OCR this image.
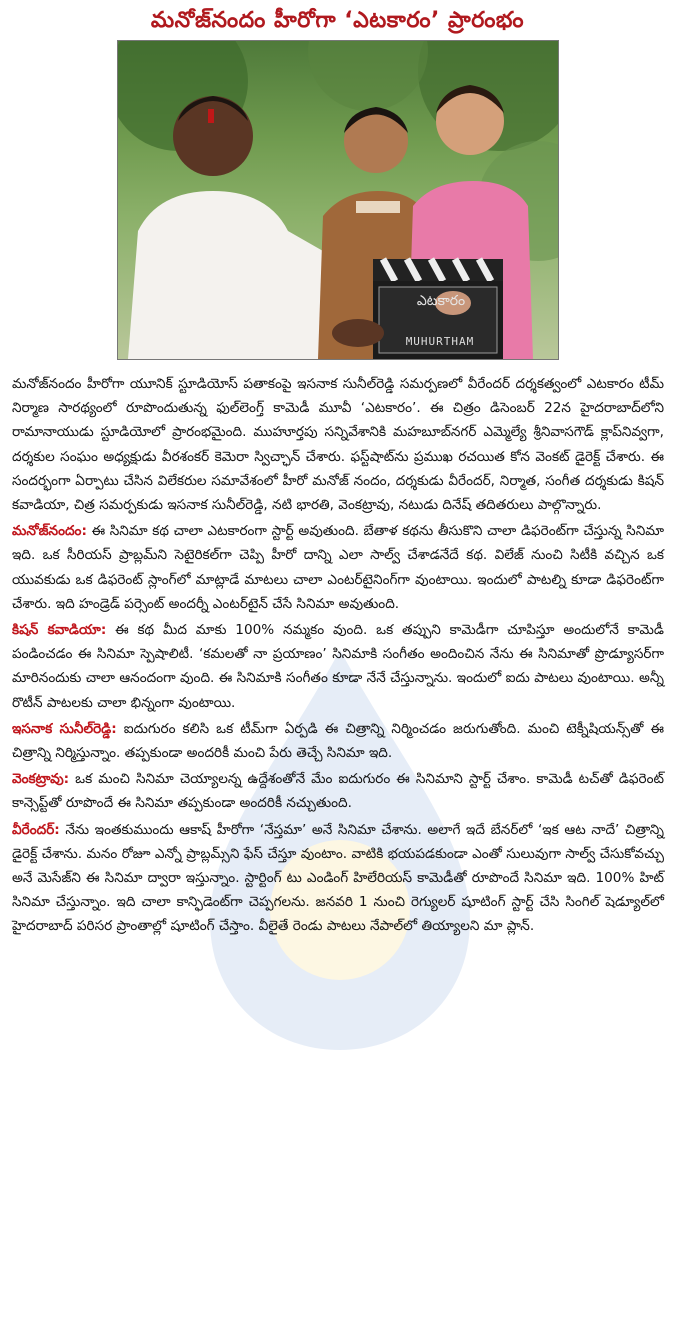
మనోజ్‌నందం హీరోగా ‘ఎటకారం’ ప్రారంభం
ఎటకారం
MUHURTHAM

మనోజ్‌నందం హీరోగా యూనిక్ స్టూడియోస్ పతాకంపై ఇసనాక సునీల్‌రెడ్డి సమర్పణలో వీరేందర్ దర్శకత్వంలో ఎటకారం టీమ్ నిర్మాణ సారథ్యంలో రూపొందుతున్న ఫుల్‌లెంగ్త్ కామెడీ మూవీ ‘ఎటకారం’. ఈ చిత్రం డిసెంబర్ 22న హైదరాబాద్‌లోని రామానాయుడు స్టూడియోలో ప్రారంభమైంది. ముహూర్తపు సన్నివేశానికి మహబూబ్‌నగర్ ఎమ్మెల్యే శ్రీనివాసగౌడ్ క్లాప్‌నివ్వగా, దర్శకుల సంఘం అధ్యక్షుడు వీరశంకర్ కెమెరా స్విచ్ఛాన్ చేశారు. ఫస్ట్‌షాట్‌ను ప్రముఖ రచయిత కోన వెంకట్ డైరెక్ట్ చేశారు. ఈ సందర్భంగా ఏర్పాటు చేసిన విలేకరుల సమావేశంలో హీరో మనోజ్ నందం, దర్శకుడు వీరేందర్, నిర్మాత, సంగీత దర్శకుడు కిషన్ కవాడియా, చిత్ర సమర్పకుడు ఇసనాక సునీల్‌రెడ్డి, నటి భారతి, వెంకట్రావు, నటుడు దినేష్ తదితరులు పాల్గొన్నారు.

మనోజ్‌నందం: ఈ సినిమా కథ చాలా ఎటకారంగా స్టార్ట్ అవుతుంది. బేతాళ కథను తీసుకొని చాలా డిఫరెంట్‌గా చేస్తున్న సినిమా ఇది. ఒక సీరియస్ ప్రాబ్లమ్‌ని సెటైరికల్‌గా చెప్పి హీరో దాన్ని ఎలా సాల్వ్ చేశాడనేదే కథ. విలేజ్ నుంచి సిటీకి వచ్చిన ఒక యువకుడు ఒక డిఫరెంట్ స్లాంగ్‌లో మాట్లాడే మాటలు చాలా ఎంటర్‌టైనింగ్‌గా వుంటాయి. ఇందులో పాటల్ని కూడా డిఫరెంట్‌గా చేశారు. ఇది హండ్రెడ్ పర్సెంట్ అందర్నీ ఎంటర్‌టైన్ చేసే సినిమా అవుతుంది.

కిషన్ కవాడియా: ఈ కథ మీద మాకు 100% నమ్మకం వుంది. ఒక తప్పుని కామెడీగా చూపిస్తూ అందులోనే కామెడీ పండించడం ఈ సినిమా స్పెషాలిటీ. ‘కమలతో నా ప్రయాణం’ సినిమాకి సంగీతం అందించిన నేను ఈ సినిమాతో ప్రొడ్యూసర్‌గా మారినందుకు చాలా ఆనందంగా వుంది. ఈ సినిమాకి సంగీతం కూడా నేనే చేస్తున్నాను. ఇందులో ఐదు పాటలు వుంటాయి. అన్నీ రొటీన్ పాటలకు చాలా భిన్నంగా వుంటాయి.

ఇసనాక సునీల్‌రెడ్డి: ఐదుగురం కలిసి ఒక టీమ్‌గా ఏర్పడి ఈ చిత్రాన్ని నిర్మించడం జరుగుతోంది. మంచి టెక్నీషియన్స్‌తో ఈ చిత్రాన్ని నిర్మిస్తున్నాం. తప్పకుండా అందరికీ మంచి పేరు తెచ్చే సినిమా ఇది.

వెంకట్రావు: ఒక మంచి సినిమా చెయ్యాలన్న ఉద్దేశంతోనే మేం ఐదుగురం ఈ సినిమాని స్టార్ట్ చేశాం. కామెడీ టచ్‌తో డిఫరెంట్ కాన్సెప్ట్‌తో రూపొందే ఈ సినిమా తప్పకుండా అందరికీ నచ్చుతుంది.

వీరేందర్: నేను ఇంతకుముందు ఆకాష్ హీరోగా ‘నేస్తమా’ అనే సినిమా చేశాను. అలాగే ఇదే బేనర్‌లో ‘ఇక ఆట నాదే’ చిత్రాన్ని డైరెక్ట్ చేశాను. మనం రోజూ ఎన్నో ప్రాబ్లమ్స్‌ని ఫేస్ చేస్తూ వుంటాం. వాటికి భయపడకుండా ఎంతో సులువుగా సాల్వ్ చేసుకోవచ్చు అనే మెసేజ్‌ని ఈ సినిమా ద్వారా ఇస్తున్నాం. స్టార్టింగ్ టు ఎండింగ్ హిలేరియస్ కామెడీతో రూపొందే సినిమా ఇది. 100% హిట్ సినిమా చేస్తున్నాం. ఇది చాలా కాన్ఫిడెంట్‌గా చెప్పగలను. జనవరి 1 నుంచి రెగ్యులర్ షూటింగ్ స్టార్ట్ చేసి సింగిల్ షెడ్యూల్‌లో హైదరాబాద్ పరిసర ప్రాంతాల్లో షూటింగ్ చేస్తాం. వీలైతే రెండు పాటలు నేపాల్‌లో తియ్యాలని మా ప్లాన్.
